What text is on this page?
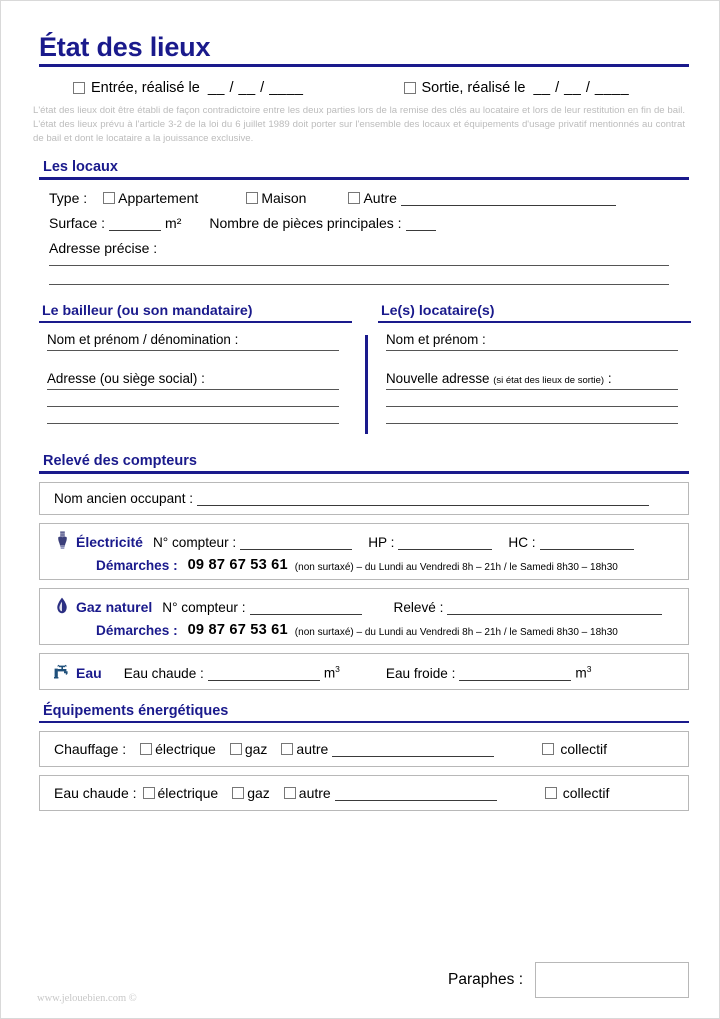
État des lieux
Entrée, réalisé le __ / __ / ____	Sortie, réalisé le __ / __ / ____
L'état des lieux doit être établi de façon contradictoire entre les deux parties lors de la remise des clés au locataire et lors de leur restitution en fin de bail. L'état des lieux prévu à l'article 3-2 de la loi du 6 juillet 1989 doit porter sur l'ensemble des locaux et équipements d'usage privatif mentionnés au contrat de bail et dont le locataire a la jouissance exclusive.
Les locaux
Type : Appartement	Maison	Autre
Surface :	m² Nombre de pièces principales :
Adresse précise :
Le bailleur (ou son mandataire)
Nom et prénom / dénomination :
Adresse (ou siège social) :
Le(s) locataire(s)
Nom et prénom :
Nouvelle adresse (si état des lieux de sortie) :
Relevé des compteurs
Nom ancien occupant :
Électricité N° compteur :	HP :	HC :
Démarches : 09 87 67 53 61 (non surtaxé) – du Lundi au Vendredi 8h – 21h / le Samedi 8h30 – 18h30
Gaz naturel N° compteur :	Relevé :
Démarches : 09 87 67 53 61 (non surtaxé) – du Lundi au Vendredi 8h – 21h / le Samedi 8h30 – 18h30
Eau Eau chaude :	$m^3$	Eau froide :	$m^3$
Équipements énergétiques
Chauffage : électrique gaz autre	collectif
Eau chaude : électrique gaz autre	collectif
www.jelouebien.com ©
Paraphes :
